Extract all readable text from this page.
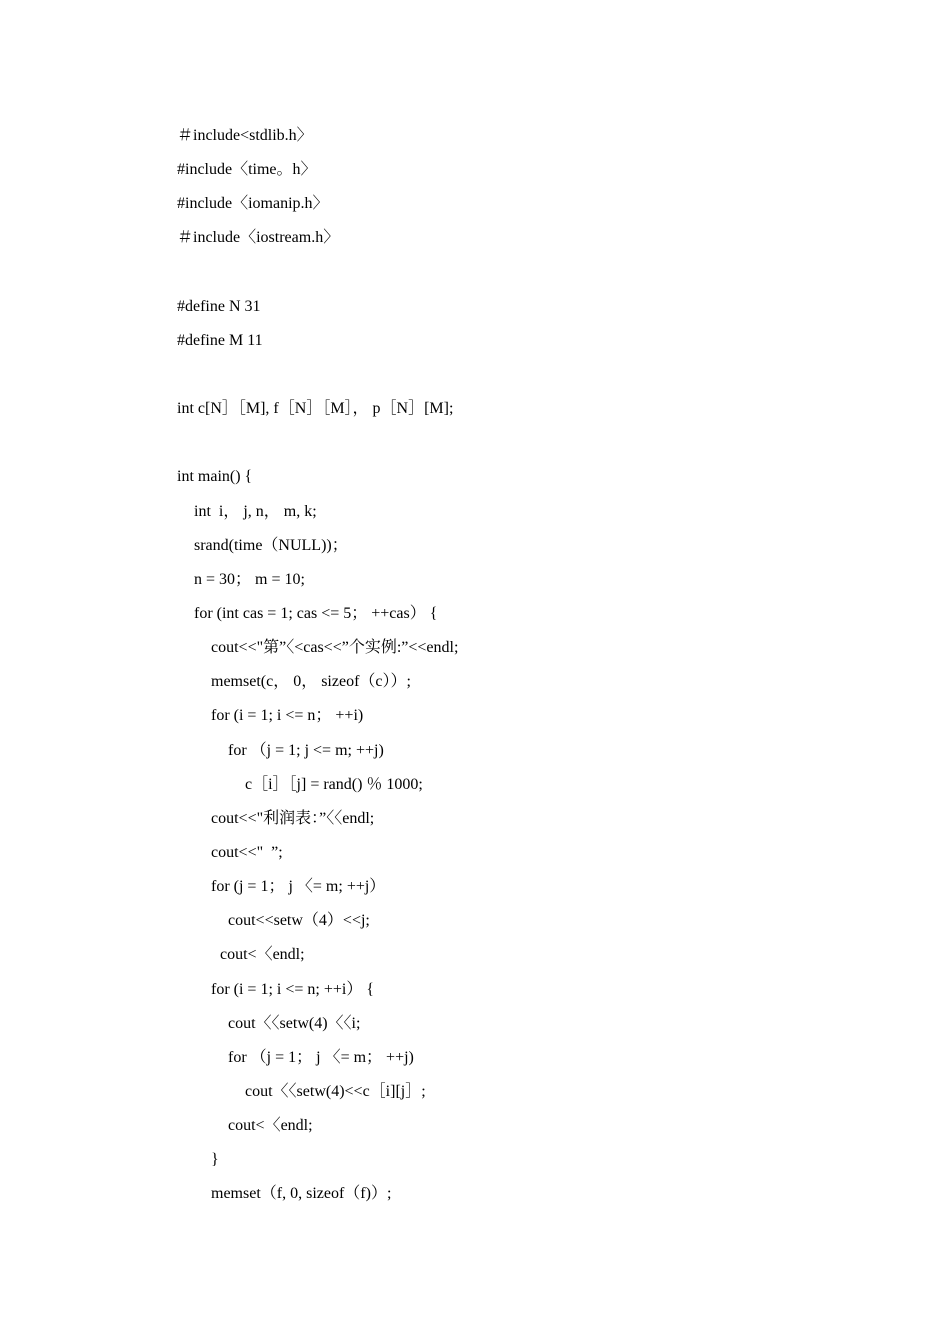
＃include<stdlib.h〉
#include〈time。h〉
#include〈iomanip.h〉
＃include〈iostream.h〉
#define N 31
#define M 11
int c[N］［M], f［N］［M］， p［N］[M];
int main() {
int  i， j, n， m, k;
srand(time（NULL))；
n = 30； m = 10;
for (int cas = 1; cas <= 5； ++cas） {
cout<<"第”〈<cas<<”个实例:”<<endl;
memset(c， 0， sizeof（c））;
for (i = 1; i <= n； ++i)
for （j = 1; j <= m; ++j)
c［i］［j] = rand() ％ 1000;
cout<<"利润表：”〈〈endl;
cout<<"  ”;
for (j = 1； j 〈= m; ++j）
cout<<setw（4）<<j;
cout<〈endl;
for (i = 1; i <= n; ++i） {
cout〈〈setw(4)〈〈i;
for （j = 1； j 〈= m； ++j)
cout〈〈setw(4)<<c［i][j］;
cout<〈endl;
}
memset（f, 0, sizeof（f)）;
